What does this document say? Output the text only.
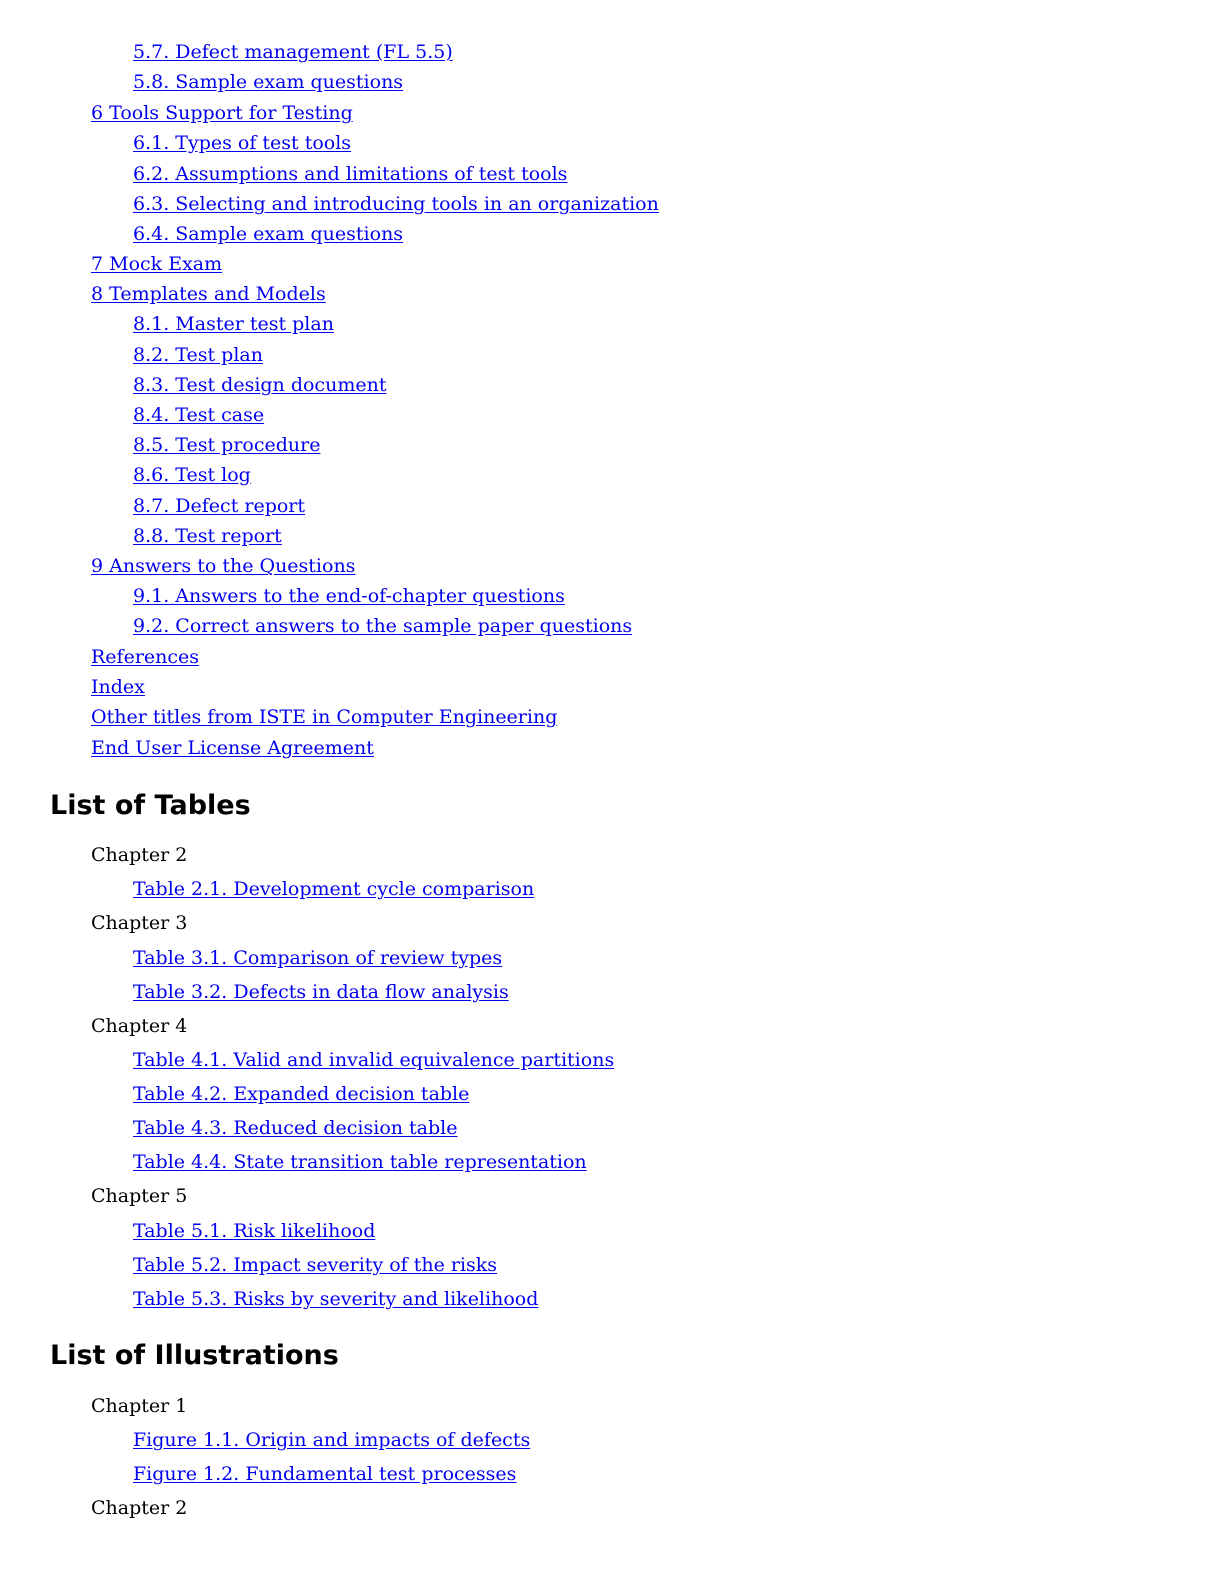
5.7. Defect management (FL 5.5)

5.8. Sample exam questions

6 Tools Support for Testing

6.1. Types of test tools

6.2. Assumptions and limitations of test tools

6.3. Selecting and introducing tools in an organization

6.4. Sample exam questions

7 Mock Exam

8 Templates and Models

8.1. Master test plan

8.2. Test plan

8.3. Test design document

8.4. Test case

8.5. Test procedure

8.6. Test log

8.7. Defect report

8.8. Test report

9 Answers to the Questions

9.1. Answers to the end-of-chapter questions

9.2. Correct answers to the sample paper questions

References

Index

Other titles from ISTE in Computer Engineering

End User License Agreement

List of Tables

Chapter 2

Table 2.1. Development cycle comparison

Chapter 3

Table 3.1. Comparison of review types

Table 3.2. Defects in data flow analysis

Chapter 4

Table 4.1. Valid and invalid equivalence partitions

Table 4.2. Expanded decision table

Table 4.3. Reduced decision table

Table 4.4. State transition table representation

Chapter 5

Table 5.1. Risk likelihood

Table 5.2. Impact severity of the risks

Table 5.3. Risks by severity and likelihood

List of Illustrations

Chapter 1

Figure 1.1. Origin and impacts of defects

Figure 1.2. Fundamental test processes

Chapter 2
